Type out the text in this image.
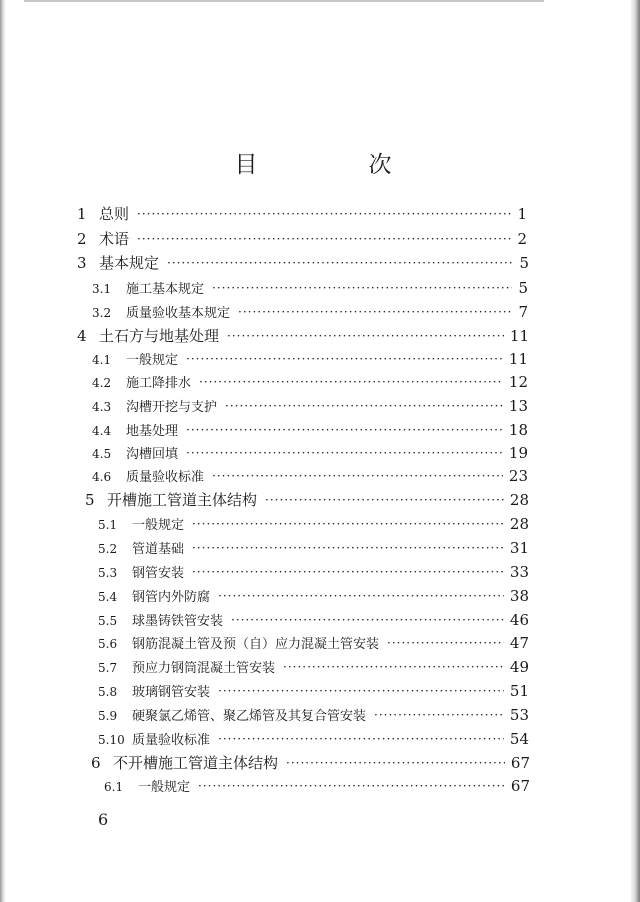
目　次
1 总则 ·····	1
2 术语 ·····	2
3 基本规定 ·····	5
3.1	施工基本规定 ·····	5
3.2	质量验收基本规定 ·····	7
4 土石方与地基处理 ·····	11
4.1	一般规定 ·····	11
4.2	施工降排水 ·····	12
4.3	沟槽开挖与支护 ·····	13
4.4	地基处理 ·····	18
4.5	沟槽回填 ·····	19
4.6	质量验收标准 ·····	23
5 开槽施工管道主体结构 ·····	28
5.1	一般规定 ·····	28
5.2	管道基础 ·····	31
5.3	钢管安装 ·····	33
5.4	钢管内外防腐 ·····	38
5.5	球墨铸铁管安装 ·····	46
5.6	钢筋混凝土管及预（自）应力混凝土管安装 ·····	47
5.7	预应力钢筒混凝土管安装 ·····	49
5.8	玻璃钢管安装 ·····	51
5.9	硬聚氯乙烯管、聚乙烯管及其复合管安装 ·····	53
5.10 质量验收标准 ·····	54
6 不开槽施工管道主体结构 ·····	67
6.1	一般规定 ·····	67
6
